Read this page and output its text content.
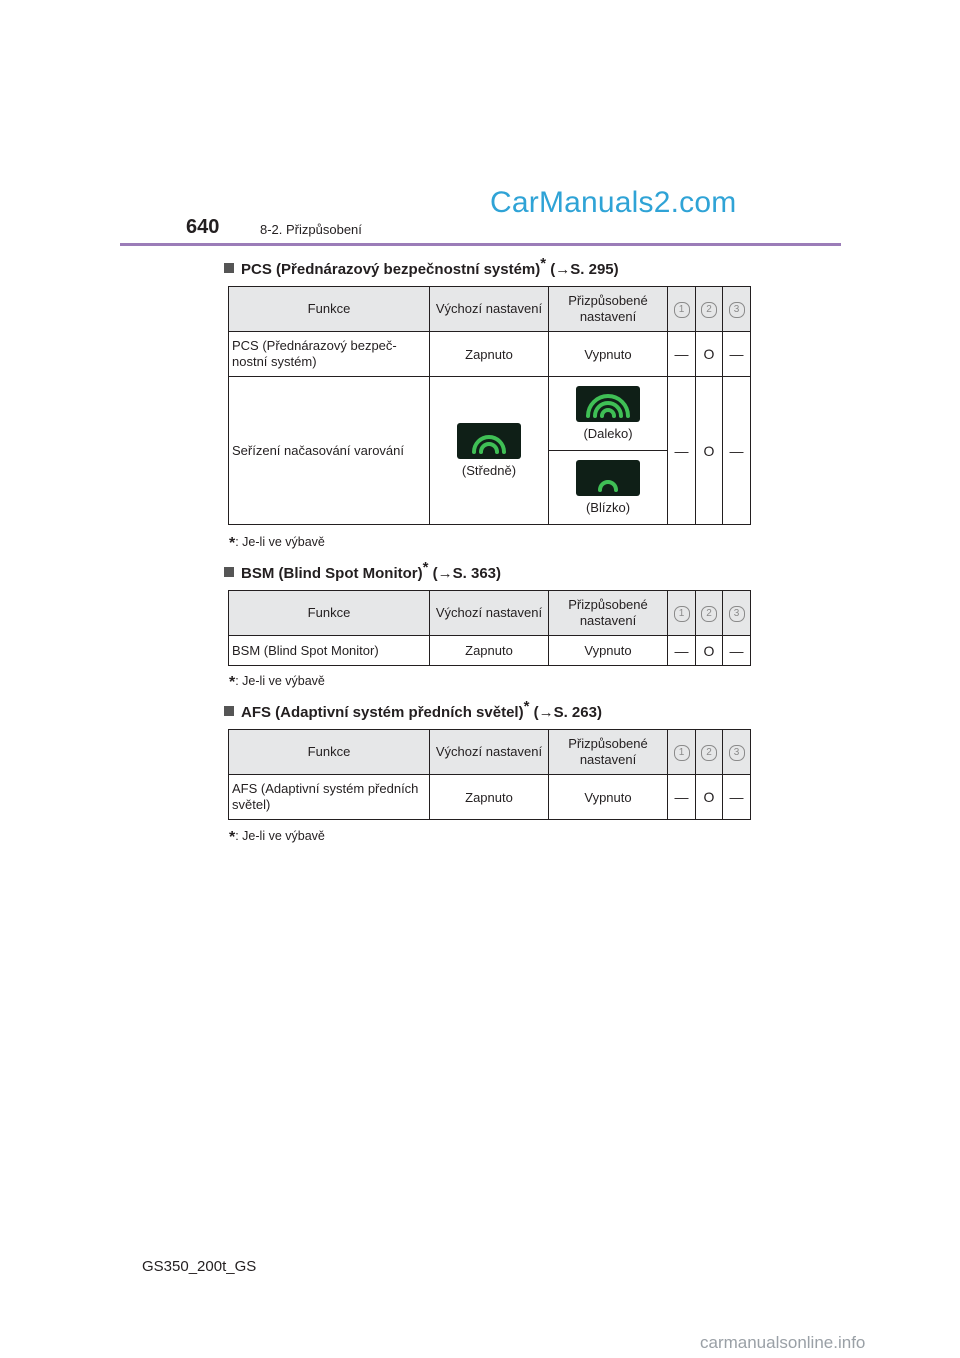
CarManuals2.com
640	8-2. Přizpůsobení
PCS (Přednárazový bezpečnostní systém)* (→S. 295)
Funkce	Výchozí nastavení	Přizpůsobené nastavení	1	2	3
PCS (Přednárazový bezpeč-nostní systém)	Zapnuto	Vypnuto	—	O	—
Seřízení načasování varování	(Středně)	(Daleko)	—	O	—

		(Blízko)			
*: Je-li ve výbavě
BSM (Blind Spot Monitor)* (→S. 363)
Funkce	Výchozí nastavení	Přizpůsobené nastavení	1	2	3
BSM (Blind Spot Monitor)	Zapnuto	Vypnuto	—	O	—
*: Je-li ve výbavě
AFS (Adaptivní systém předních světel)* (→S. 263)
Funkce	Výchozí nastavení	Přizpůsobené nastavení	1	2	3
AFS (Adaptivní systém předních světel)	Zapnuto	Vypnuto	—	O	—
*: Je-li ve výbavě
GS350_200t_GS
carmanualsonline.info
